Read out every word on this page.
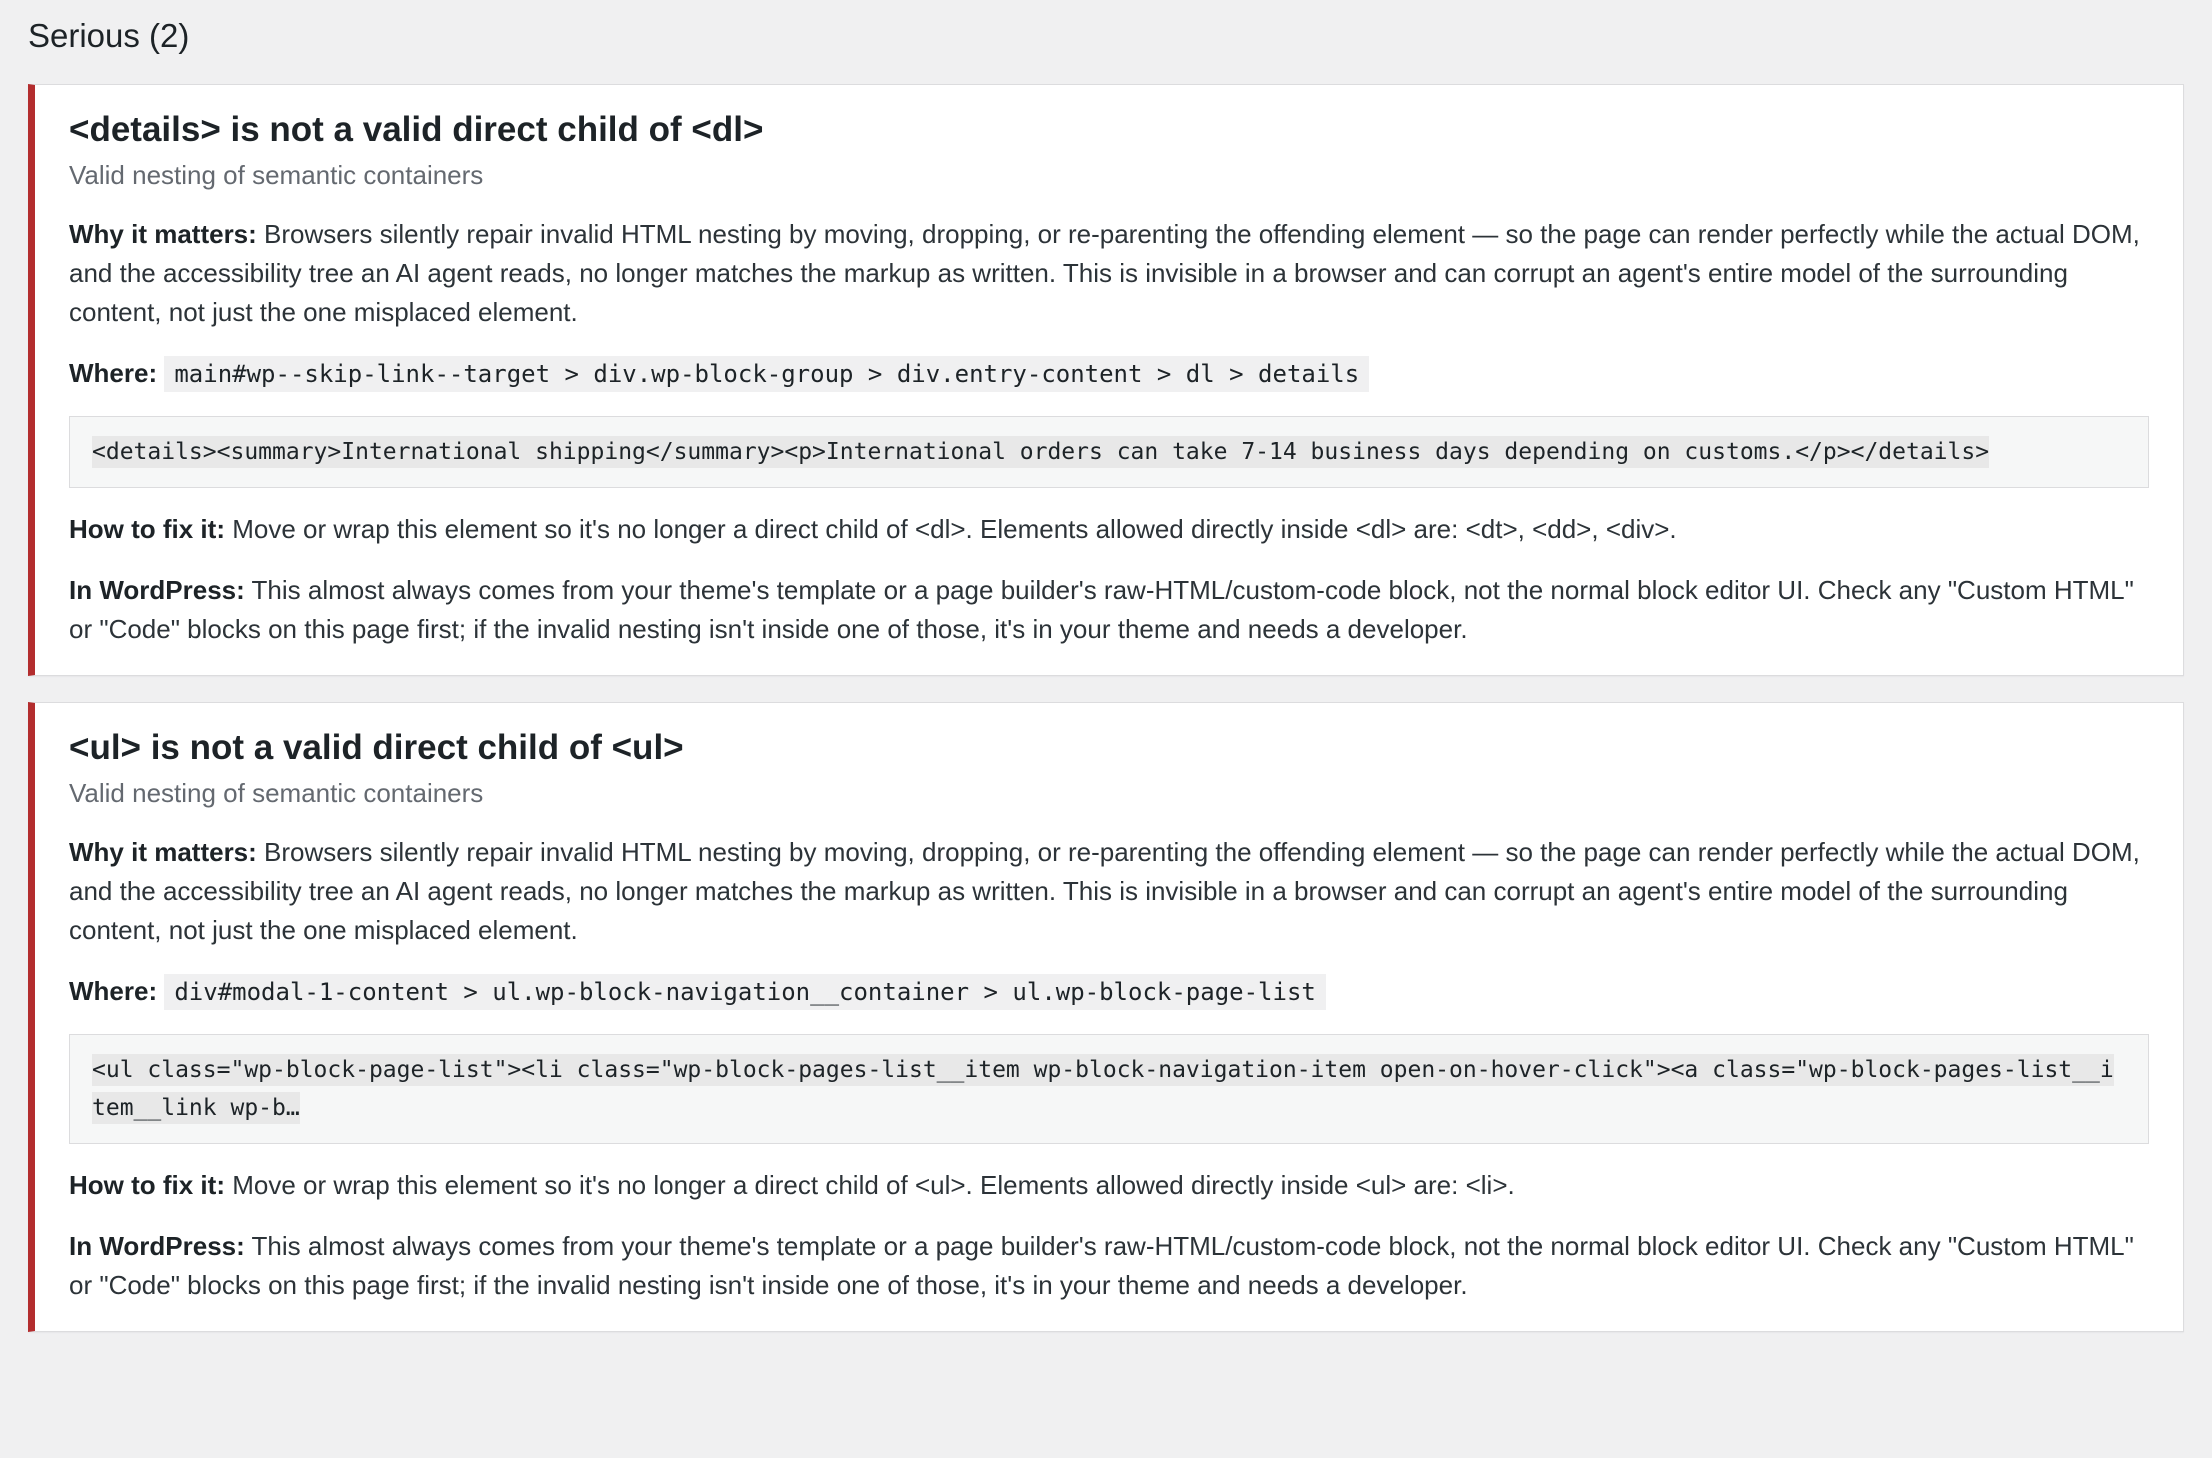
Serious (2)
<details> is not a valid direct child of <dl>
Valid nesting of semantic containers

Why it matters: Browsers silently repair invalid HTML nesting by moving, dropping, or re-parenting the offending element — so the page can render perfectly while the actual DOM, and the accessibility tree an AI agent reads, no longer matches the markup as written. This is invisible in a browser and can corrupt an agent's entire model of the surrounding content, not just the one misplaced element.

Where: main#wp--skip-link--target > div.wp-block-group > div.entry-content > dl > details

<details><summary>International shipping</summary><p>International orders can take 7-14 business days depending on customs.</p></details>

How to fix it: Move or wrap this element so it's no longer a direct child of <dl>. Elements allowed directly inside <dl> are: <dt>, <dd>, <div>.

In WordPress: This almost always comes from your theme's template or a page builder's raw-HTML/custom-code block, not the normal block editor UI. Check any "Custom HTML" or "Code" blocks on this page first; if the invalid nesting isn't inside one of those, it's in your theme and needs a developer.

<ul> is not a valid direct child of <ul>
Valid nesting of semantic containers

Why it matters: Browsers silently repair invalid HTML nesting by moving, dropping, or re-parenting the offending element — so the page can render perfectly while the actual DOM, and the accessibility tree an AI agent reads, no longer matches the markup as written. This is invisible in a browser and can corrupt an agent's entire model of the surrounding content, not just the one misplaced element.

Where: div#modal-1-content > ul.wp-block-navigation__container > ul.wp-block-page-list

<ul class="wp-block-page-list"><li class="wp-block-pages-list__item wp-block-navigation-item open-on-hover-click"><a class="wp-block-pages-list__item__link wp-b…

How to fix it: Move or wrap this element so it's no longer a direct child of <ul>. Elements allowed directly inside <ul> are: <li>.

In WordPress: This almost always comes from your theme's template or a page builder's raw-HTML/custom-code block, not the normal block editor UI. Check any "Custom HTML" or "Code" blocks on this page first; if the invalid nesting isn't inside one of those, it's in your theme and needs a developer.
